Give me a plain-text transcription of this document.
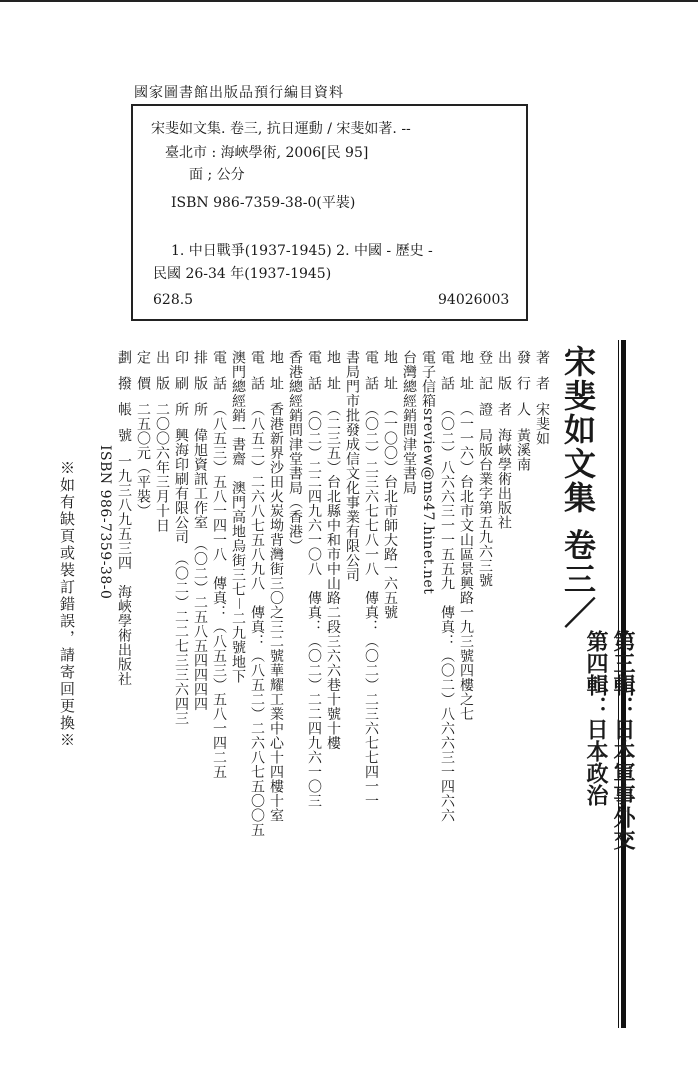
國家圖書館出版品預行編目資料
宋斐如文集. 卷三, 抗日運動 / 宋斐如著. --
臺北市 : 海峽學術, 2006[民 95]
面 ; 公分
ISBN 986-7359-38-0(平裝)
1. 中日戰爭(1937-1945) 2. 中國 - 歷史 -
民國 26-34 年(1937-1945)
628.5	94026003
宋斐如文集 卷三／
第三輯：日本軍事外交
第四輯：日本政治
著者宋斐如
發行人黃溪南
出版者海峽學術出版社
登記證局版台業字第五九六三號
地址（一一六）台北市文山區景興路一九三號四樓之七
電話（〇二）八六六三一一五五九　傳真：（〇二）八六六三一四六六
電子信箱sreview@ms47.hinet.net
台灣總經銷問津堂書局
地址（一〇〇）台北市師大路一六五號
電話（〇二）二三六七七八一八　傳真：（〇二）二三六七七四一一
書局門市批發成信文化事業有限公司
地址（二三五）台北縣中和市中山路二段三六六巷十號十樓
電話（〇二）二二四九六一〇八　傳真：（〇二）二二四九六一〇三
香港總經銷問津堂書局（香港）
地址香港新界沙田火炭坳背灣街三〇之三二號華耀工業中心十四樓十室
電話（八五二）二六八七五八九八　傳真：（八五二）二六八七五〇〇五
澳門總經銷一書齋　澳門高地烏街三七－二九號地下
電話（八五三）五八一四一八　傳真：（八五三）五八一四二五
排版所偉旭資訊工作室　（〇二）二五八五四四四四
印刷所興海印刷有限公司　（〇二）二二七三三六四三
出版二〇〇六年三月十日
定價二五〇元（平裝）
劃撥帳號一九三八九五三四　海峽學術出版社
ISBN 986-7359-38-0
※如有缺頁或裝訂錯誤，請寄回更換※
